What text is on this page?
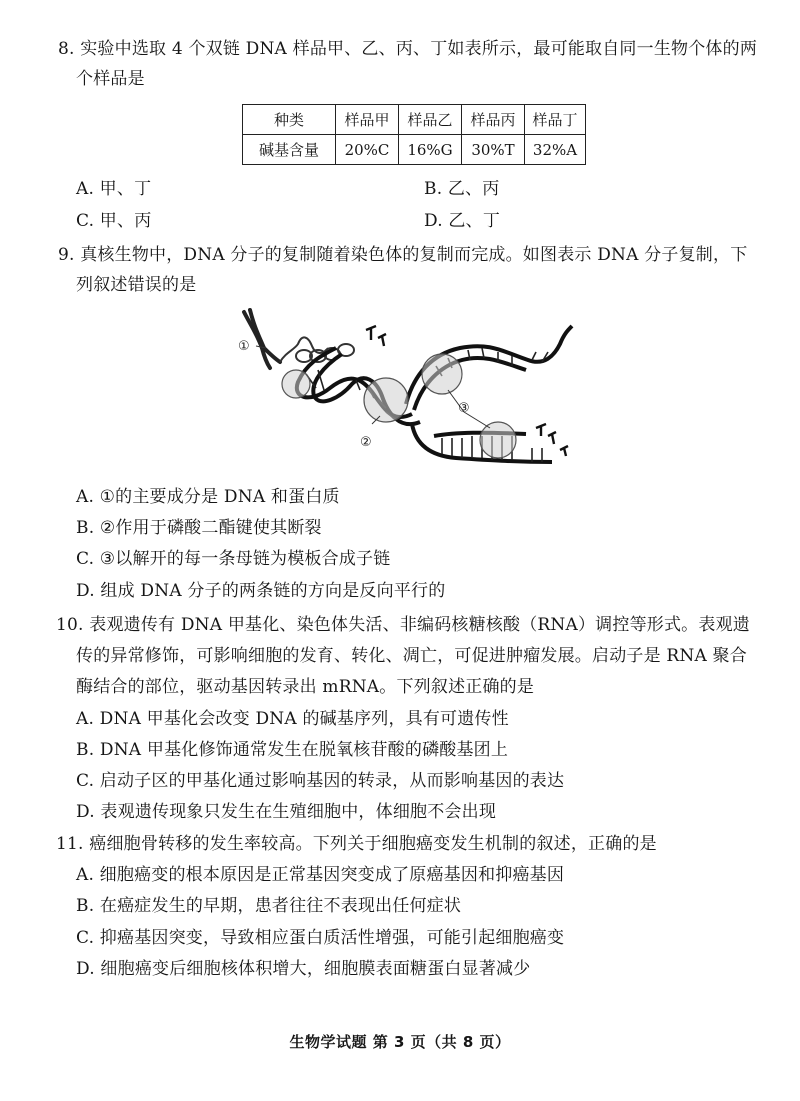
8. 实验中选取 4 个双链 DNA 样品甲、乙、丙、丁如表所示，最可能取自同一生物个体的两
个样品是
种类	样品甲	样品乙	样品丙	样品丁
碱基含量	20%C	16%G	30%T	32%A
A. 甲、丁	B. 乙、丙
C. 甲、丙	D. 乙、丁
9. 真核生物中，DNA 分子的复制随着染色体的复制而完成。如图表示 DNA 分子复制，下
列叙述错误的是
①
②
③
A. ①的主要成分是 DNA 和蛋白质
B. ②作用于磷酸二酯键使其断裂
C. ③以解开的每一条母链为模板合成子链
D. 组成 DNA 分子的两条链的方向是反向平行的
10. 表观遗传有 DNA 甲基化、染色体失活、非编码核糖核酸（RNA）调控等形式。表观遗
传的异常修饰，可影响细胞的发育、转化、凋亡，可促进肿瘤发展。启动子是 RNA 聚合
酶结合的部位，驱动基因转录出 mRNA。下列叙述正确的是
A. DNA 甲基化会改变 DNA 的碱基序列，具有可遗传性
B. DNA 甲基化修饰通常发生在脱氧核苷酸的磷酸基团上
C. 启动子区的甲基化通过影响基因的转录，从而影响基因的表达
D. 表观遗传现象只发生在生殖细胞中，体细胞不会出现
11. 癌细胞骨转移的发生率较高。下列关于细胞癌变发生机制的叙述，正确的是
A. 细胞癌变的根本原因是正常基因突变成了原癌基因和抑癌基因
B. 在癌症发生的早期，患者往往不表现出任何症状
C. 抑癌基因突变，导致相应蛋白质活性增强，可能引起细胞癌变
D. 细胞癌变后细胞核体积增大，细胞膜表面糖蛋白显著减少
生物学试题 第 3 页（共 8 页）
